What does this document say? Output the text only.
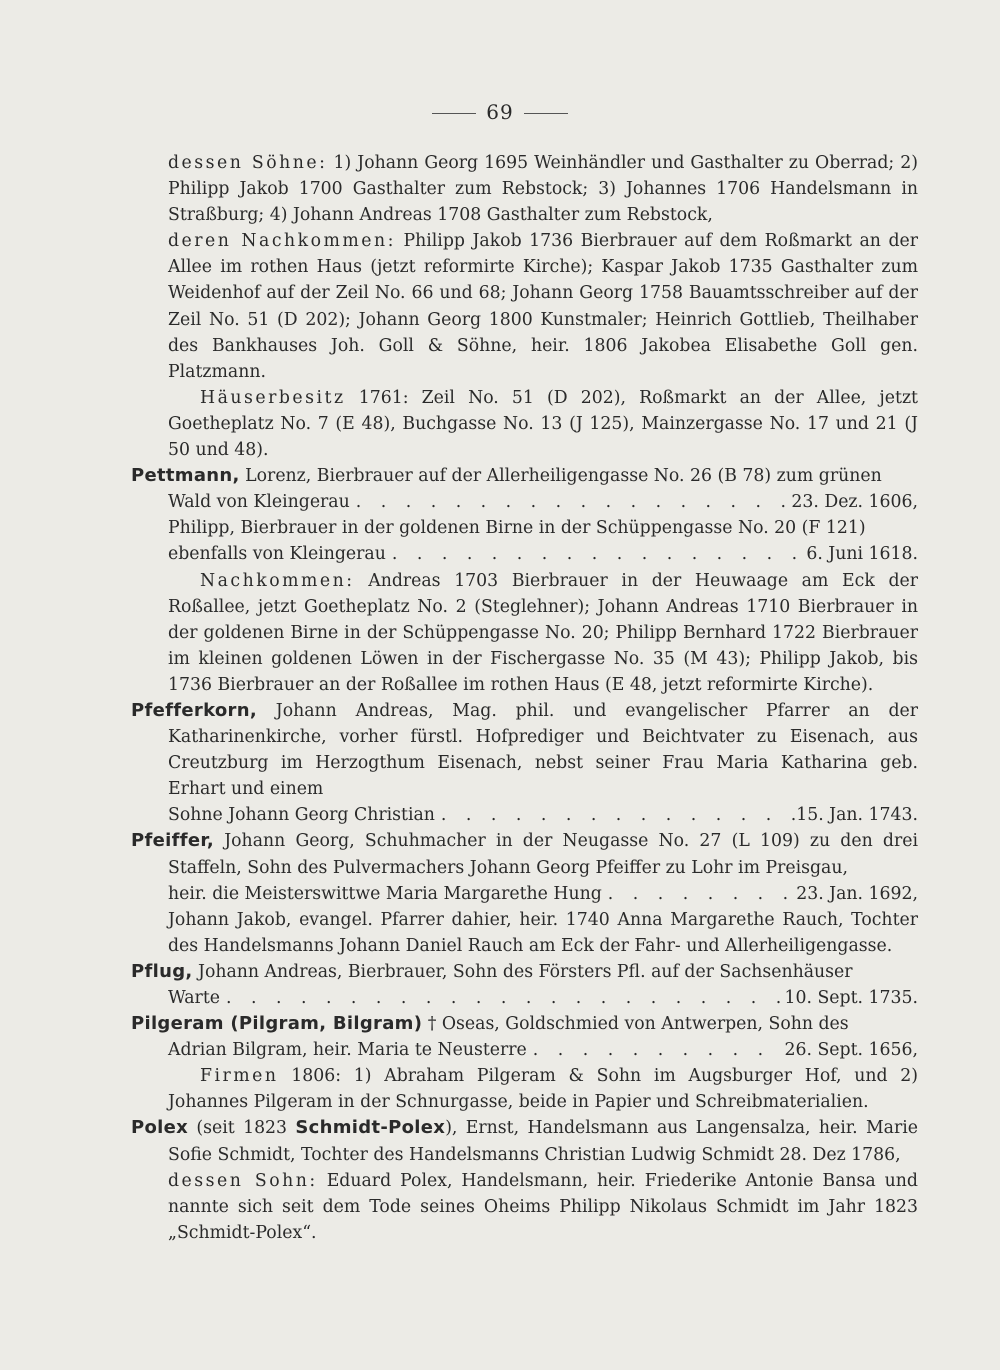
69

dessen Söhne: 1) Johann Georg 1695 Weinhändler und Gasthalter zu Oberrad; 2) Philipp Jakob 1700 Gasthalter zum Rebstock; 3) Johannes 1706 Handelsmann in Straßburg; 4) Johann Andreas 1708 Gasthalter zum Rebstock,

deren Nachkommen: Philipp Jakob 1736 Bierbrauer auf dem Roßmarkt an der Allee im rothen Haus (jetzt reformirte Kirche); Kaspar Jakob 1735 Gasthalter zum Weidenhof auf der Zeil No. 66 und 68; Johann Georg 1758 Bauamtsschreiber auf der Zeil No. 51 (D 202); Johann Georg 1800 Kunstmaler; Heinrich Gottlieb, Theilhaber des Bankhauses Joh. Goll & Söhne, heir. 1806 Jakobea Elisabethe Goll gen. Platzmann.

Häuserbesitz 1761: Zeil No. 51 (D 202), Roßmarkt an der Allee, jetzt Goetheplatz No. 7 (E 48), Buchgasse No. 13 (J 125), Mainzergasse No. 17 und 21 (J 50 und 48).

Pettmann, Lorenz, Bierbrauer auf der Allerheiligengasse No. 26 (B 78) zum grünen

Wald von Kleingerau . . .	23. Dez. 1606,

Philipp, Bierbrauer in der goldenen Birne in der Schüppengasse No. 20 (F 121)

ebenfalls von Kleingerau . . .	6. Juni 1618.

Nachkommen: Andreas 1703 Bierbrauer in der Heuwaage am Eck der Roßallee, jetzt Goetheplatz No. 2 (Steglehner); Johann Andreas 1710 Bierbrauer in der goldenen Birne in der Schüppengasse No. 20; Philipp Bernhard 1722 Bierbrauer im kleinen goldenen Löwen in der Fischergasse No. 35 (M 43); Philipp Jakob, bis 1736 Bierbrauer an der Roßallee im rothen Haus (E 48, jetzt reformirte Kirche).

Pfefferkorn, Johann Andreas, Mag. phil. und evangelischer Pfarrer an der Katharinenkirche, vorher fürstl. Hofprediger und Beichtvater zu Eisenach, aus Creutzburg im Herzogthum Eisenach, nebst seiner Frau Maria Katharina geb. Erhart und einem

Sohne Johann Georg Christian . . .	15. Jan. 1743.

Pfeiffer, Johann Georg, Schuhmacher in der Neugasse No. 27 (L 109) zu den drei Staffeln, Sohn des Pulvermachers Johann Georg Pfeiffer zu Lohr im Preisgau,

heir. die Meisterswittwe Maria Margarethe Hung . . .	23. Jan. 1692,

Johann Jakob, evangel. Pfarrer dahier, heir. 1740 Anna Margarethe Rauch, Tochter des Handelsmanns Johann Daniel Rauch am Eck der Fahr- und Allerheiligengasse.

Pflug, Johann Andreas, Bierbrauer, Sohn des Försters Pfl. auf der Sachsenhäuser

Warte . . .	10. Sept. 1735.

Pilgeram (Pilgram, Bilgram) † Oseas, Goldschmied von Antwerpen, Sohn des

Adrian Bilgram, heir. Maria te Neusterre . . .	26. Sept. 1656,

Firmen 1806: 1) Abraham Pilgeram & Sohn im Augsburger Hof, und 2) Johannes Pilgeram in der Schnurgasse, beide in Papier und Schreibmaterialien.

Polex (seit 1823 Schmidt-Polex), Ernst, Handelsmann aus Langensalza, heir. Marie Sofie Schmidt, Tochter des Handelsmanns Christian Ludwig Schmidt 28. Dez 1786,

dessen Sohn: Eduard Polex, Handelsmann, heir. Friederike Antonie Bansa und nannte sich seit dem Tode seines Oheims Philipp Nikolaus Schmidt im Jahr 1823 „Schmidt-Polex“.
